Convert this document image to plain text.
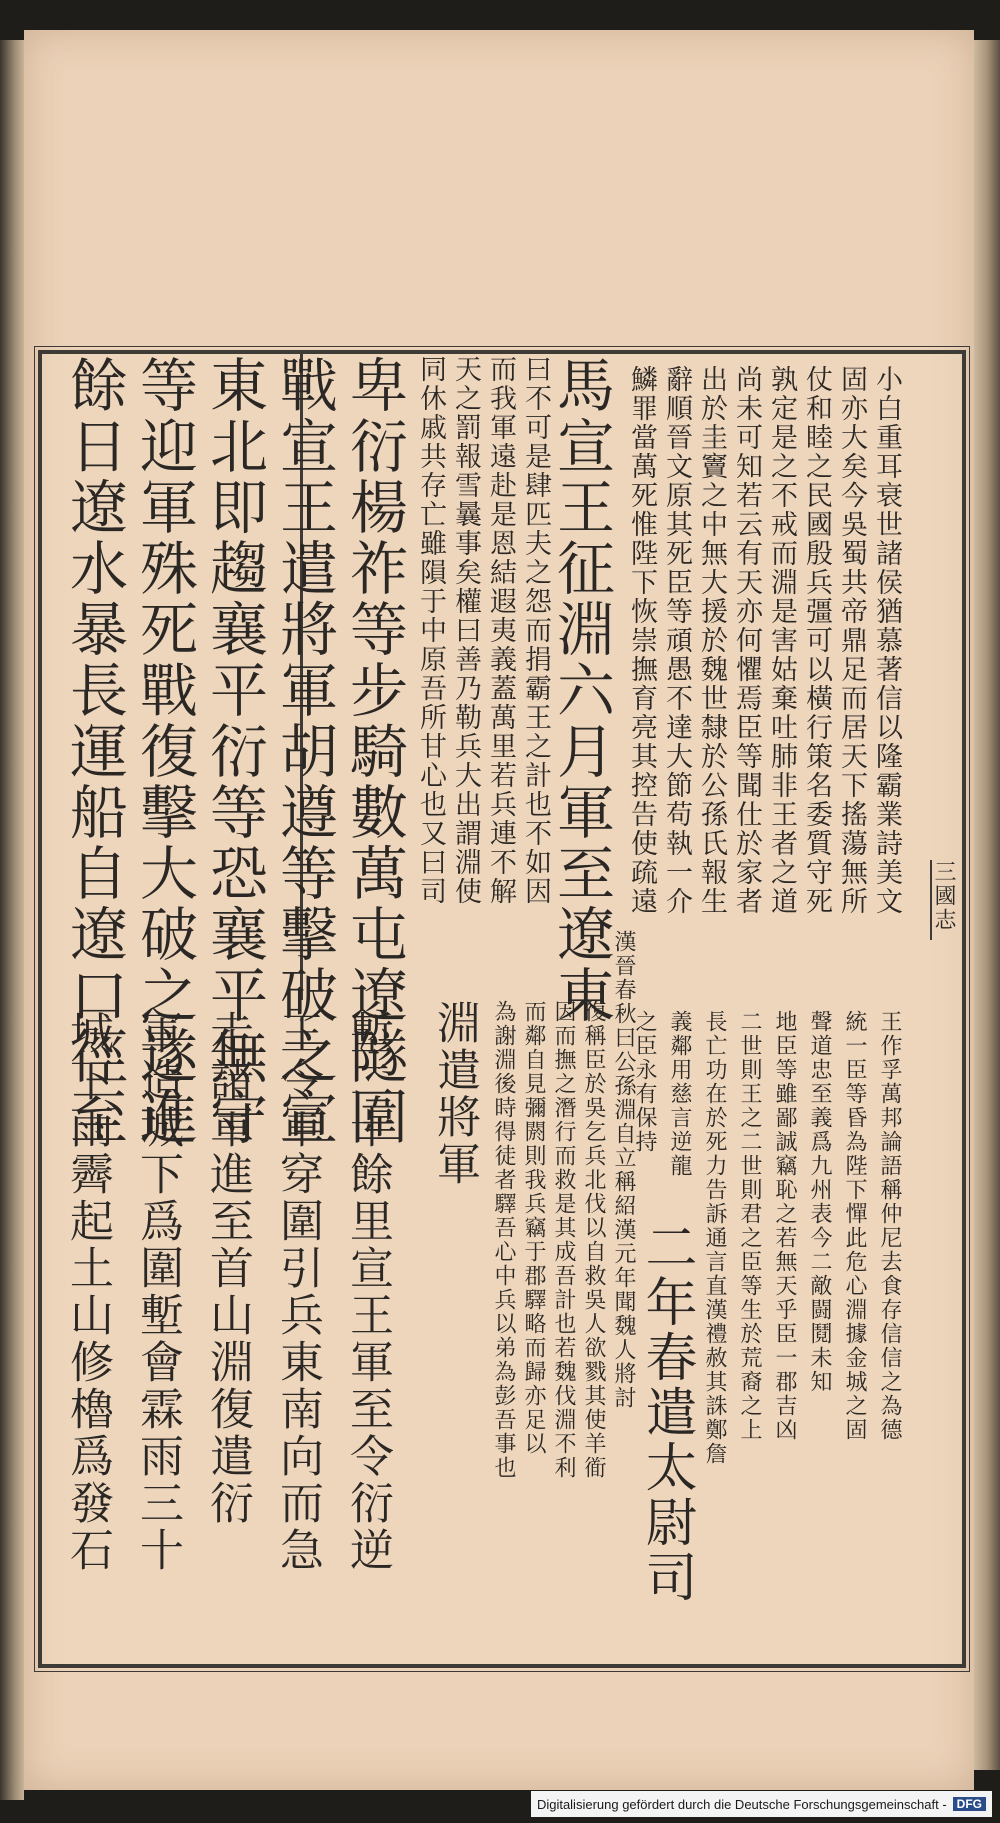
小白重耳衰世諸侯猶慕著信以隆霸業詩美文
固亦大矣今吳蜀共帝鼎足而居天下搖蕩無所
仗和睦之民國殷兵彊可以橫行策名委質守死
孰定是之不戒而淵是害姑棄吐肺非王者之道
尚未可知若云有天亦何懼焉臣等聞仕於家者
出於圭竇之中無大援於魏世隸於公孫氏報生
辭順晉文原其死臣等頑愚不達大節苟執一介
鱗罪當萬死惟陛下恢崇撫育亮其控告使疏遠
王作孚萬邦論語稱仲尼去食存信信之為德
統一臣等昏為陛下憚此危心淵據金城之固
聲道忠至義爲九州表今二敵闘鬩未知
地臣等雖鄙誠竊恥之若無天乎臣一郡吉凶
二世則王之二世則君之臣等生於荒裔之上
長亡功在於死力告訴通言直漢禮赦其誅鄭詹
義鄰用慈言逆龍
之臣永有保持
馬宣王征淵六月軍至遼東
曰不可是肆匹夫之怨而捐霸王之計也不如因
而我軍遠赴是恩結遐夷義蓋萬里若兵連不解
天之罰報雪曩事矣權曰善乃勒兵大出謂淵使
同休戚共存亡雖隕于中原吾所甘心也又曰司
卑衍楊祚等步騎數萬屯遼隧圍
戰宣王遣將軍胡遵等擊破之宣
東北即趨襄平衍等恐襄平無守
等迎軍殊死戰復擊大破之遂進
餘日遼水暴長運船自遼口徑至
漢晉春秋曰公孫淵自立稱紹漢元年聞魏人將討
復稱臣於吳乞兵北伐以自救吳人欲戮其使羊衜
因而撫之潛行而救是其成吾計也若魏伐淵不利
而鄰自見彌閼則我兵竊于郡驛略而歸亦足以
為謝淵後時得徒者驛吾心中兵以弟為彭吾事也
淵遣將軍
二年春遣太尉司
塹二十餘里宣王軍至令衍逆
王令軍穿圍引兵東南向而急
走諸軍進至首山淵復遣衍
軍造城下爲圍塹會霖雨三十
城下雨霽起土山修櫓爲發石
三國志
Digitalisierung gefördert durch die Deutsche Forschungsgemeinschaft - DFG
